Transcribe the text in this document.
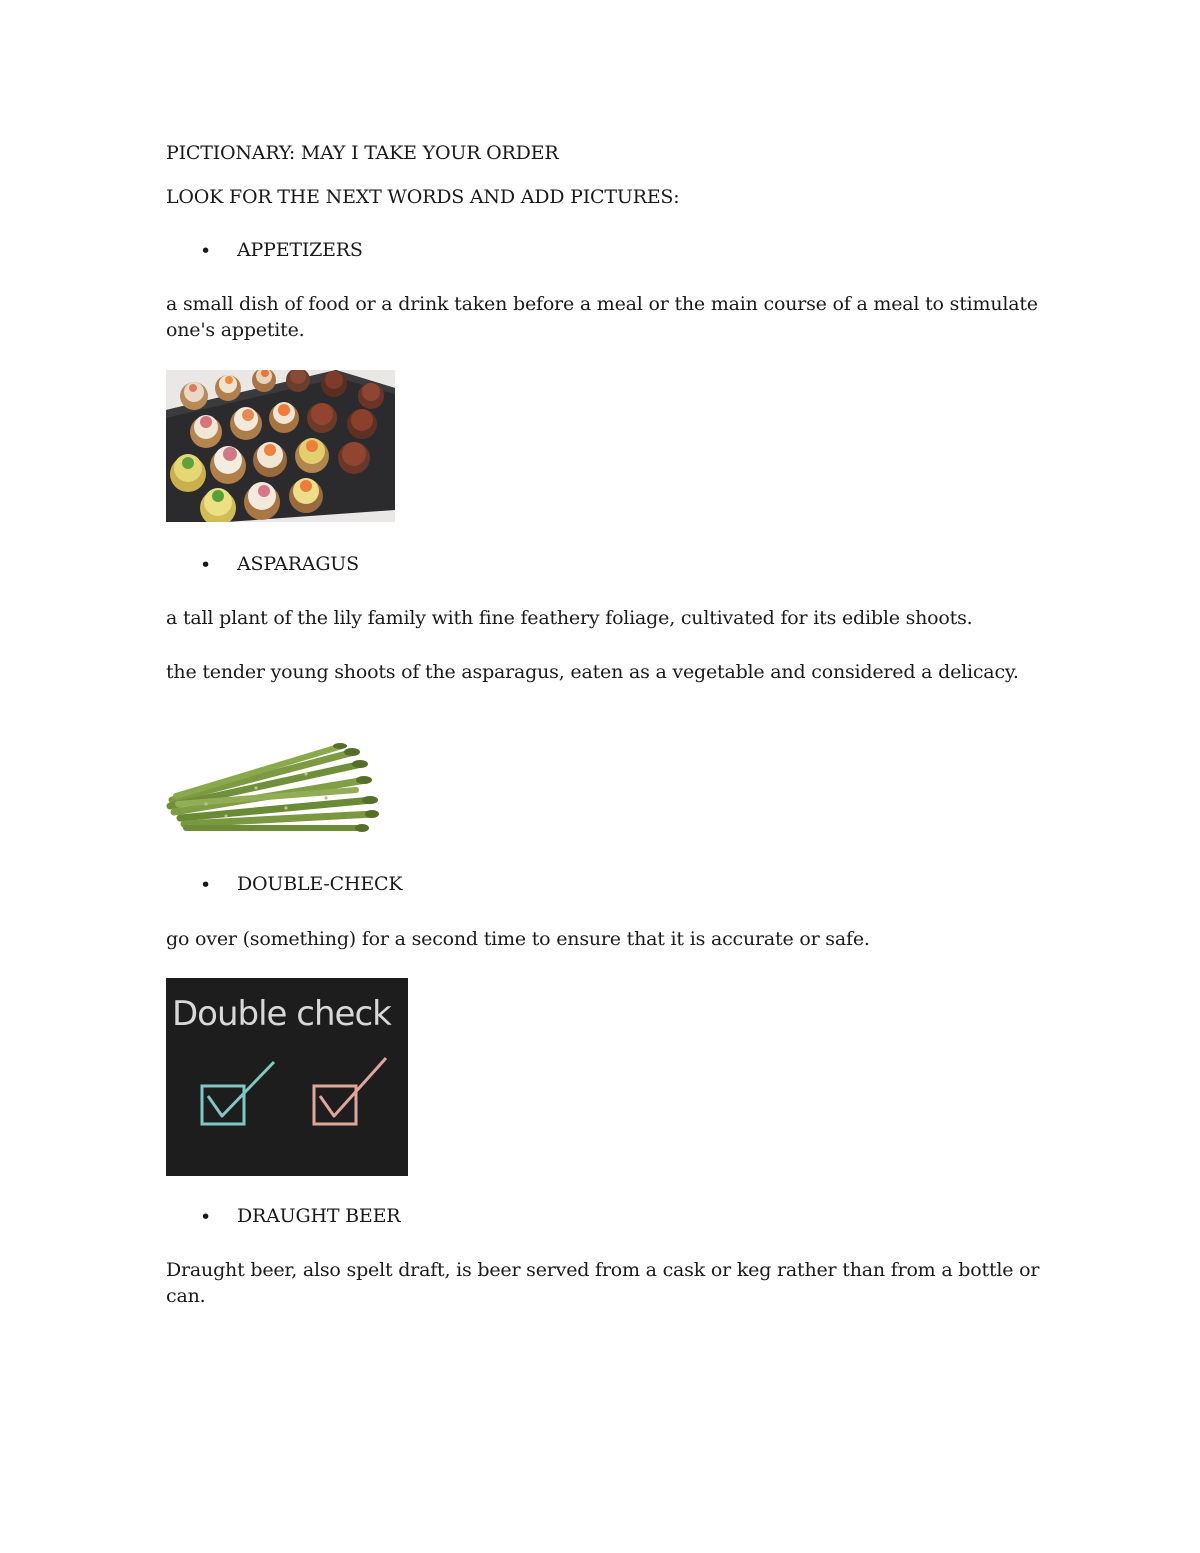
PICTIONARY: MAY I TAKE YOUR ORDER
LOOK FOR THE NEXT WORDS AND ADD PICTURES:
• APPETIZERS
a small dish of food or a drink taken before a meal or the main course of a meal to stimulate one's appetite.
• ASPARAGUS
a tall plant of the lily family with fine feathery foliage, cultivated for its edible shoots.
the tender young shoots of the asparagus, eaten as a vegetable and considered a delicacy.
• DOUBLE-CHECK
go over (something) for a second time to ensure that it is accurate or safe.
Double check
• DRAUGHT BEER
Draught beer, also spelt draft, is beer served from a cask or keg rather than from a bottle or can.
